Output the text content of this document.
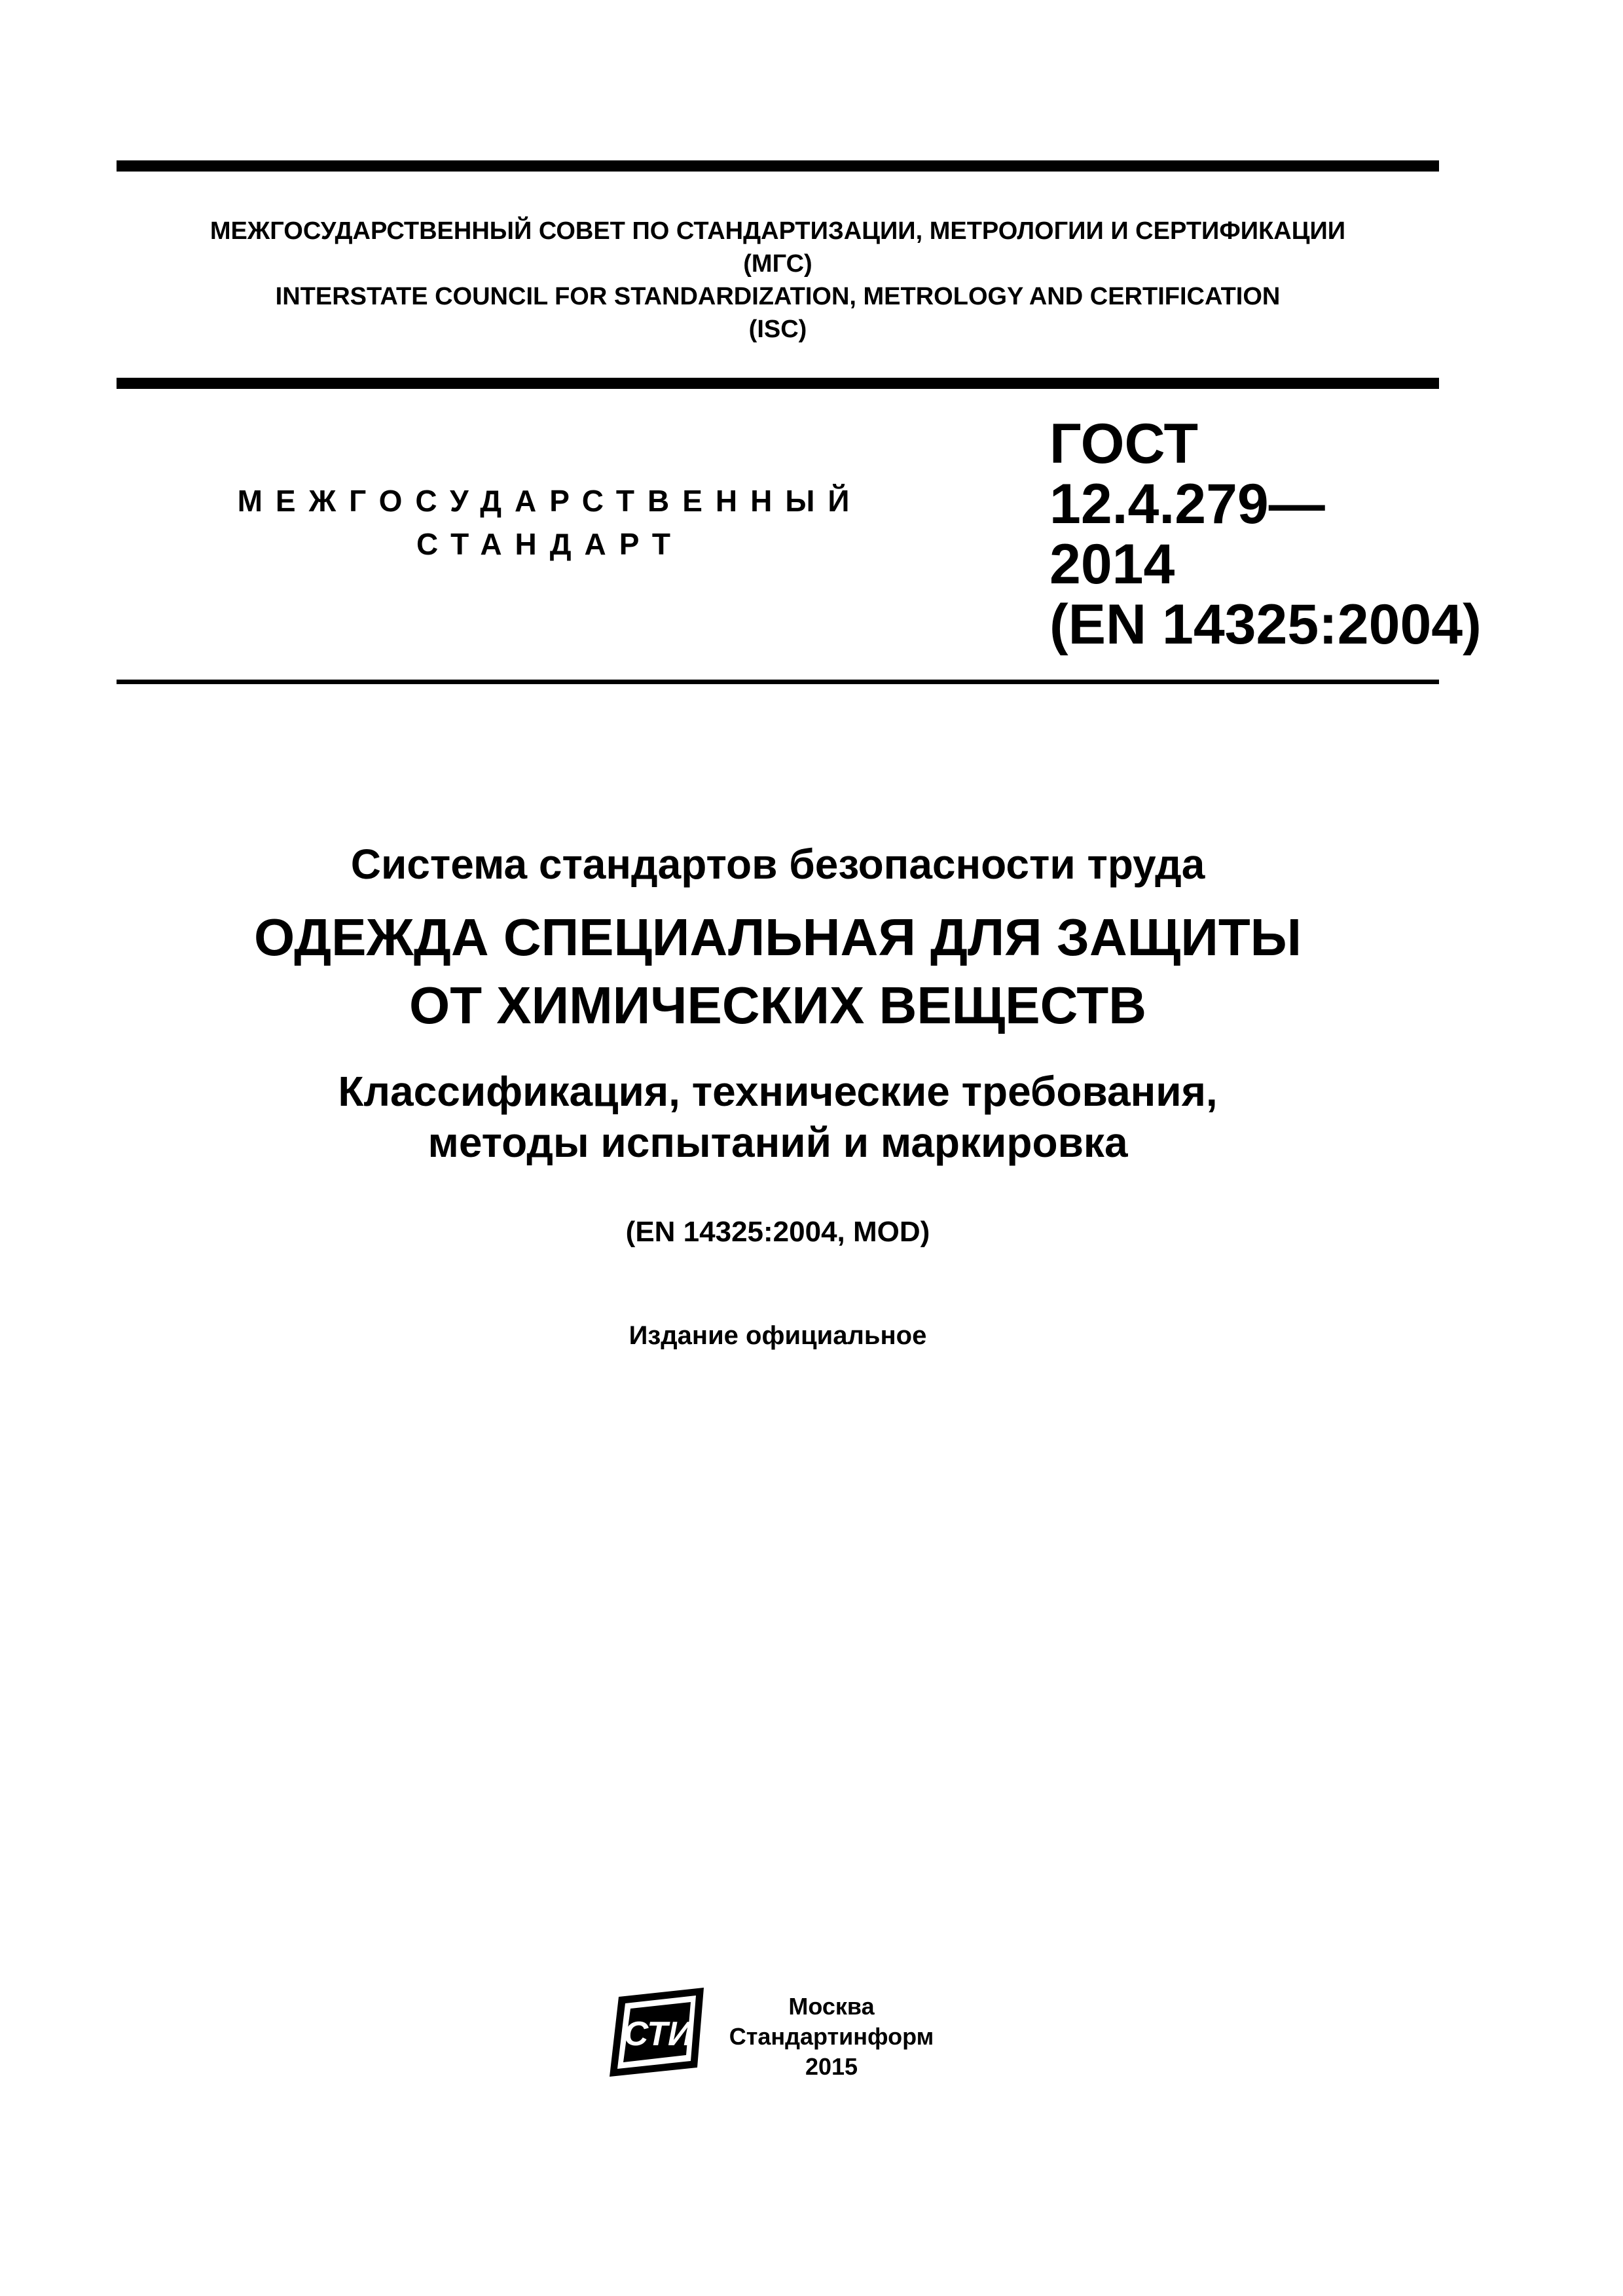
МЕЖГОСУДАРСТВЕННЫЙ СОВЕТ ПО СТАНДАРТИЗАЦИИ, МЕТРОЛОГИИ И СЕРТИФИКАЦИИ
(МГС)
INTERSTATE COUNCIL FOR STANDARDIZATION, METROLOGY AND CERTIFICATION
(ISC)
МЕЖГОСУДАРСТВЕННЫЙ
СТАНДАРТ
ГОСТ
12.4.279—
2014
(EN 14325:2004)
Система стандартов безопасности труда
ОДЕЖДА СПЕЦИАЛЬНАЯ ДЛЯ ЗАЩИТЫ
ОТ ХИМИЧЕСКИХ ВЕЩЕСТВ
Классификация, технические требования,
методы испытаний и маркировка
(EN 14325:2004, MOD)
Издание официальное
СТИ
Москва
Стандартинформ
2015
